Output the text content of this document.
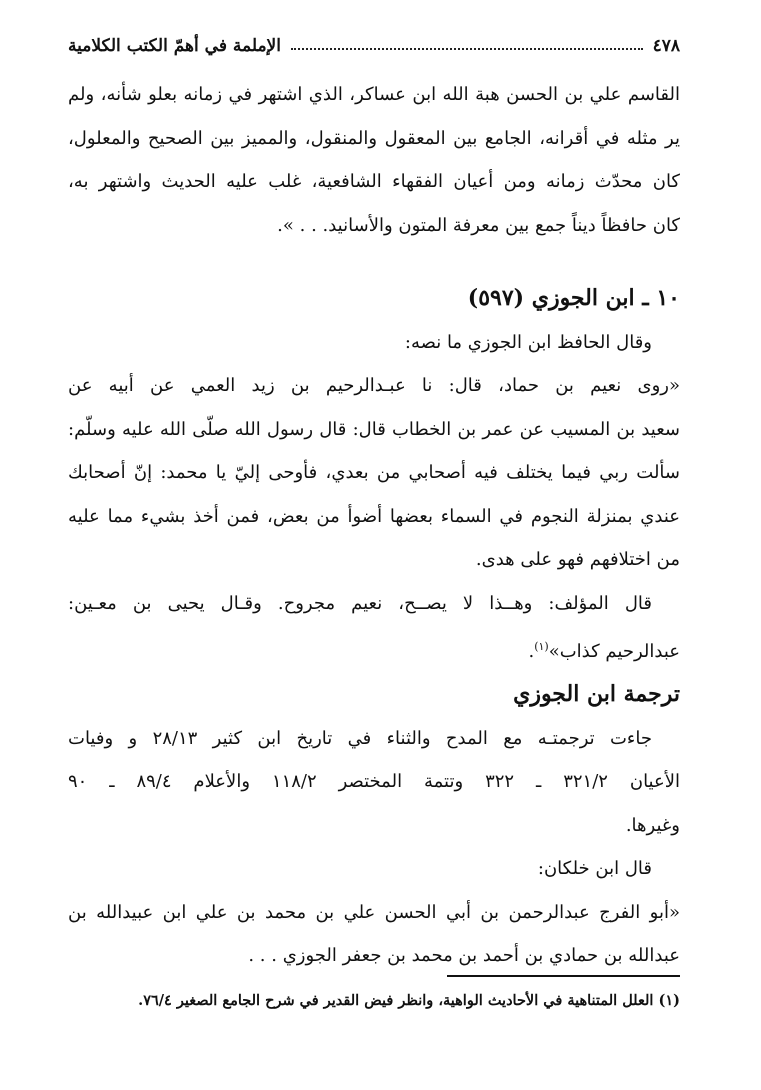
٤٧٨
الإملمة في أهمّ الكتب الكلامية
القاسم علي بن الحسن هبة الله ابن عساكر، الذي اشتهر في زمانه بعلو شأنه، ولم
ير مثله في أقرانه، الجامع بين المعقول والمنقول، والمميز بين الصحيح والمعلول،
كان محدّث زمانه ومن أعيان الفقهاء الشافعية، غلب عليه الحديث واشتهر به،
كان حافظاً ديناً جمع بين معرفة المتون والأسانيد. . . ».
١٠ ـ ابن الجوزي (٥٩٧)
وقال الحافظ ابن الجوزي ما نصه:
«روى نعيم بن حماد، قال: نا عبـدالرحيم بن زيد العمي عن أبيه عن
سعيد بن المسيب عن عمر بن الخطاب قال: قال رسول الله صلّى الله عليه وسلّم:
سألت ربي فيما يختلف فيه أصحابي من بعدي، فأوحى إليّ يا محمد: إنّ أصحابك
عندي بمنزلة النجوم في السماء بعضها أضوأ من بعض، فمن أخذ بشيء مما عليه
من اختلافهم فهو على هدى.
قال المؤلف: وهــذا لا يصــح، نعيم مجروح. وقـال يحيى بن معـين:
عبدالرحيم كذاب»$^{(١)}$.
ترجمة ابن الجوزي
جاءت ترجمتـه مع المدح والثناء في تاريخ ابن كثير ٢٨/١٣ و وفيات
الأعيان ٣٢١/٢ ـ ٣٢٢ وتتمة المختصر ١١٨/٢ والأعلام ٨٩/٤ ـ ٩٠
وغيرها.
قال ابن خلكان:
«أبو الفرج عبدالرحمن بن أبي الحسن علي بن محمد بن علي ابن عبيدالله بن
عبدالله بن حمادي بن أحمد بن محمد بن جعفر الجوزي . . .
(١) العلل المتناهية في الأحاديث الواهية، وانظر فيض القدير في شرح الجامع الصغير ٧٦/٤.
